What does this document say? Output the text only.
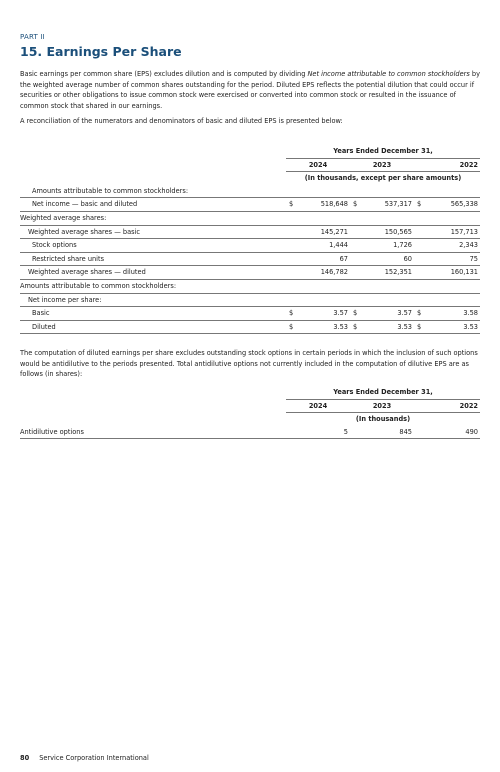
PART II
15. Earnings Per Share

Basic earnings per common share (EPS) excludes dilution and is computed by dividing Net income attributable to common stockholders by the weighted average number of common shares outstanding for the period. Diluted EPS reflects the potential dilution that could occur if securities or other obligations to issue common stock were exercised or converted into common stock or resulted in the issuance of common stock that shared in our earnings.

A reconciliation of the numerators and denominators of basic and diluted EPS is presented below:

	Years Ended December 31,					
	2024		2023		2022	
	(In thousands, except per share amounts)					
Amounts attributable to common stockholders:						
Net income — basic and diluted	$	518,648	$	537,317	$	565,338
Weighted average shares:						
Weighted average shares — basic		145,271		150,565		157,713
Stock options		1,444		1,726		2,343
Restricted share units		67		60		75
Weighted average shares — diluted		146,782		152,351		160,131
Amounts attributable to common stockholders:						
Net income per share:						
Basic	$	3.57	$	3.57	$	3.58
Diluted	$	3.53	$	3.53	$	3.53

The computation of diluted earnings per share excludes outstanding stock options in certain periods in which the inclusion of such options would be antidilutive to the periods presented. Total antidilutive options not currently included in the computation of dilutive EPS are as follows (in shares):

	Years Ended December 31,					
	2024		2023		2022	
	(In thousands)					
Antidilutive options		5		845		490
80 Service Corporation International
